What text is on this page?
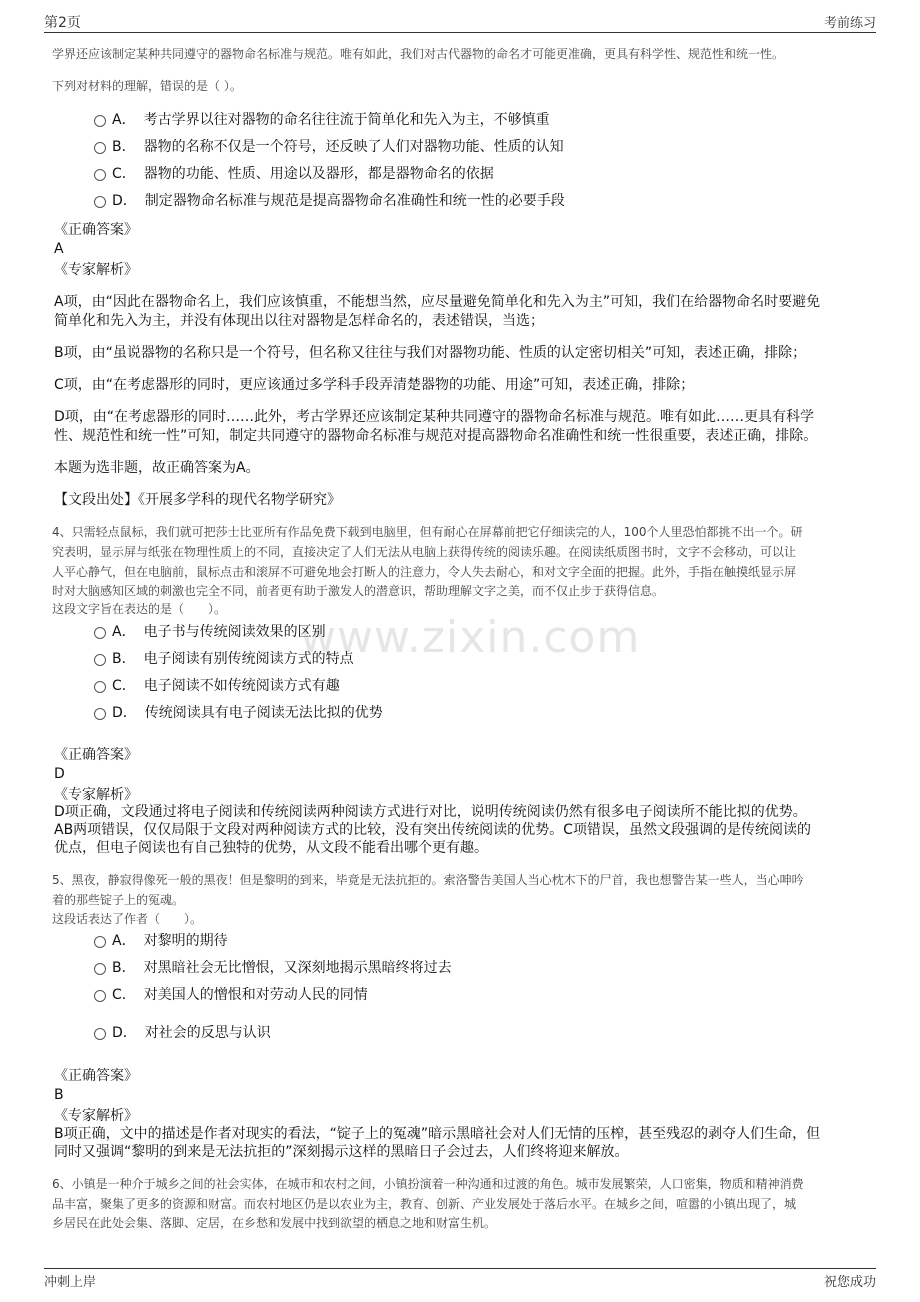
第2页	考前练习
www.zixin.com

学界还应该制定某种共同遵守的器物命名标准与规范。唯有如此，我们对古代器物的命名才可能更准确，更具有科学性、规范性和统一性。

下列对材料的理解，错误的是（ ）。

A． 考古学界以往对器物的命名往往流于简单化和先入为主，不够慎重
B． 器物的名称不仅是一个符号，还反映了人们对器物功能、性质的认知
C． 器物的功能、性质、用途以及器形，都是器物命名的依据
D． 制定器物命名标准与规范是提高器物命名准确性和统一性的必要手段

《正确答案》

A

《专家解析》

A项，由“因此在器物命名上，我们应该慎重，不能想当然，应尽量避免简单化和先入为主”可知，我们在给器物命名时要避免

简单化和先入为主，并没有体现出以往对器物是怎样命名的，表述错误，当选；

B项，由“虽说器物的名称只是一个符号，但名称又往往与我们对器物功能、性质的认定密切相关”可知，表述正确，排除；

C项，由“在考虑器形的同时，更应该通过多学科手段弄清楚器物的功能、用途”可知，表述正确，排除；

D项，由“在考虑器形的同时……此外，考古学界还应该制定某种共同遵守的器物命名标准与规范。唯有如此……更具有科学

性、规范性和统一性”可知，制定共同遵守的器物命名标准与规范对提高器物命名准确性和统一性很重要，表述正确，排除。

本题为选非题，故正确答案为A。

【文段出处】《开展多学科的现代名物学研究》

4、只需轻点鼠标，我们就可把莎士比亚所有作品免费下载到电脑里，但有耐心在屏幕前把它仔细读完的人，100个人里恐怕都挑不出一个。研

究表明，显示屏与纸张在物理性质上的不同，直接决定了人们无法从电脑上获得传统的阅读乐趣。在阅读纸质图书时，文字不会移动，可以让

人平心静气，但在电脑前，鼠标点击和滚屏不可避免地会打断人的注意力，令人失去耐心，和对文字全面的把握。此外，手指在触摸纸显示屏

时对大脑感知区域的刺激也完全不同，前者更有助于激发人的潜意识，帮助理解文字之美，而不仅止步于获得信息。

这段文字旨在表达的是（　　）。

A． 电子书与传统阅读效果的区别
B． 电子阅读有别传统阅读方式的特点
C． 电子阅读不如传统阅读方式有趣
D． 传统阅读具有电子阅读无法比拟的优势

《正确答案》

D

《专家解析》

D项正确，文段通过将电子阅读和传统阅读两种阅读方式进行对比，说明传统阅读仍然有很多电子阅读所不能比拟的优势。

AB两项错误，仅仅局限于文段对两种阅读方式的比较，没有突出传统阅读的优势。C项错误，虽然文段强调的是传统阅读的

优点，但电子阅读也有自己独特的优势，从文段不能看出哪个更有趣。

5、黑夜，静寂得像死一般的黑夜！但是黎明的到来，毕竟是无法抗拒的。索洛警告美国人当心枕木下的尸首，我也想警告某一些人，当心呻吟

着的那些锭子上的冤魂。

这段话表达了作者（　　）。

A． 对黎明的期待
B． 对黑暗社会无比憎恨，又深刻地揭示黑暗终将过去
C． 对美国人的憎恨和对劳动人民的同情
D． 对社会的反思与认识

《正确答案》

B

《专家解析》

B项正确，文中的描述是作者对现实的看法，“锭子上的冤魂”暗示黑暗社会对人们无情的压榨，甚至残忍的剥夺人们生命，但

同时又强调“黎明的到来是无法抗拒的”深刻揭示这样的黑暗日子会过去，人们终将迎来解放。

6、小镇是一种介于城乡之间的社会实体，在城市和农村之间，小镇扮演着一种沟通和过渡的角色。城市发展繁荣，人口密集，物质和精神消费

品丰富，聚集了更多的资源和财富。而农村地区仍是以农业为主，教育、创新、产业发展处于落后水平。在城乡之间，喧嚣的小镇出现了，城

乡居民在此处会集、落脚、定居，在乡愁和发展中找到欲望的栖息之地和财富生机。

冲刺上岸	祝您成功
